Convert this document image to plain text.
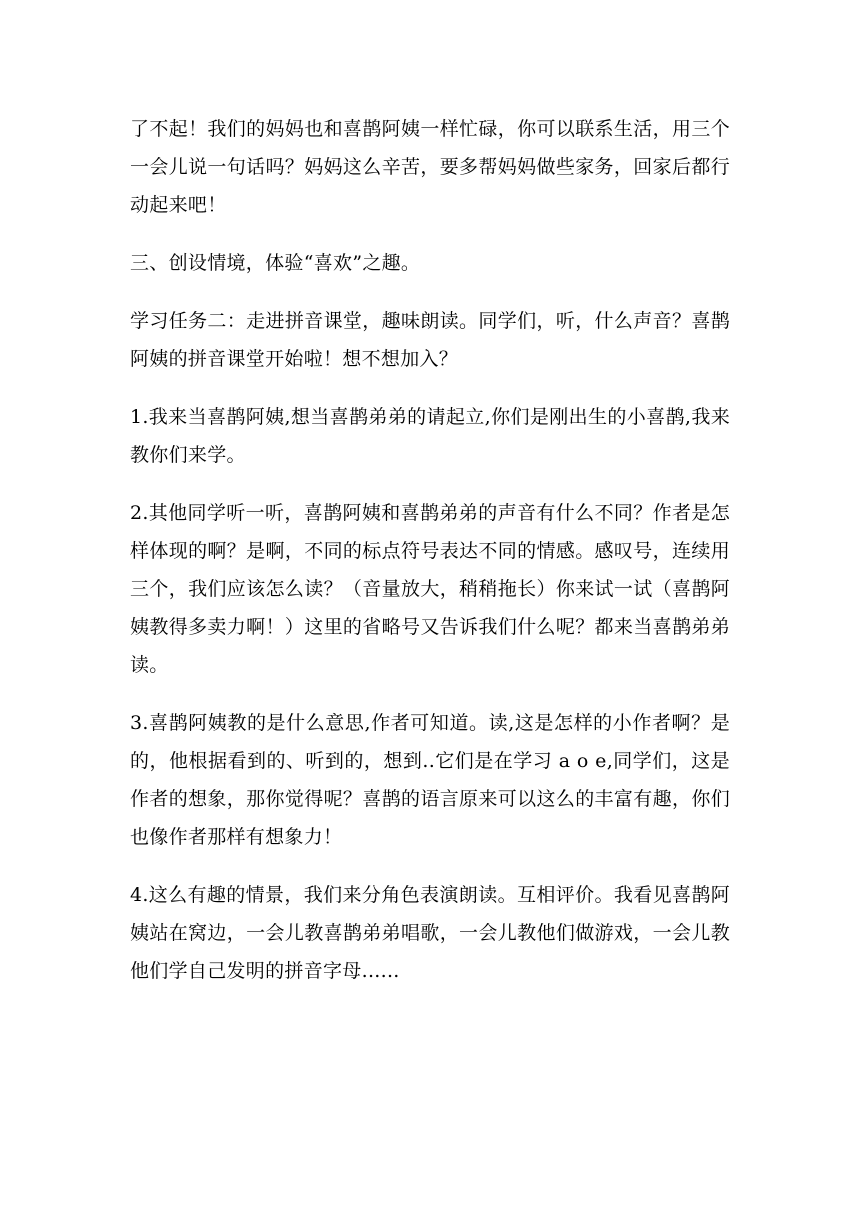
了不起！我们的妈妈也和喜鹊阿姨一样忙碌，你可以联系生活，用三个一会儿说一句话吗？妈妈这么辛苦，要多帮妈妈做些家务，回家后都行动起来吧！

三、创设情境，体验“喜欢”之趣。

学习任务二：走进拼音课堂，趣味朗读。同学们，听，什么声音？喜鹊阿姨的拼音课堂开始啦！想不想加入？

1.我来当喜鹊阿姨,想当喜鹊弟弟的请起立,你们是刚出生的小喜鹊,我来教你们来学。

2.其他同学听一听，喜鹊阿姨和喜鹊弟弟的声音有什么不同？作者是怎样体现的啊？是啊，不同的标点符号表达不同的情感。感叹号，连续用三个，我们应该怎么读？（音量放大，稍稍拖长）你来试一试（喜鹊阿姨教得多卖力啊！）这里的省略号又告诉我们什么呢？都来当喜鹊弟弟读。

3.喜鹊阿姨教的是什么意思,作者可知道。读,这是怎样的小作者啊？是的，他根据看到的、听到的，想到..它们是在学习 a o e,同学们，这是作者的想象，那你觉得呢？喜鹊的语言原来可以这么的丰富有趣，你们也像作者那样有想象力！

4.这么有趣的情景，我们来分角色表演朗读。互相评价。我看见喜鹊阿姨站在窝边，一会儿教喜鹊弟弟唱歌，一会儿教他们做游戏，一会儿教他们学自己发明的拼音字母......
